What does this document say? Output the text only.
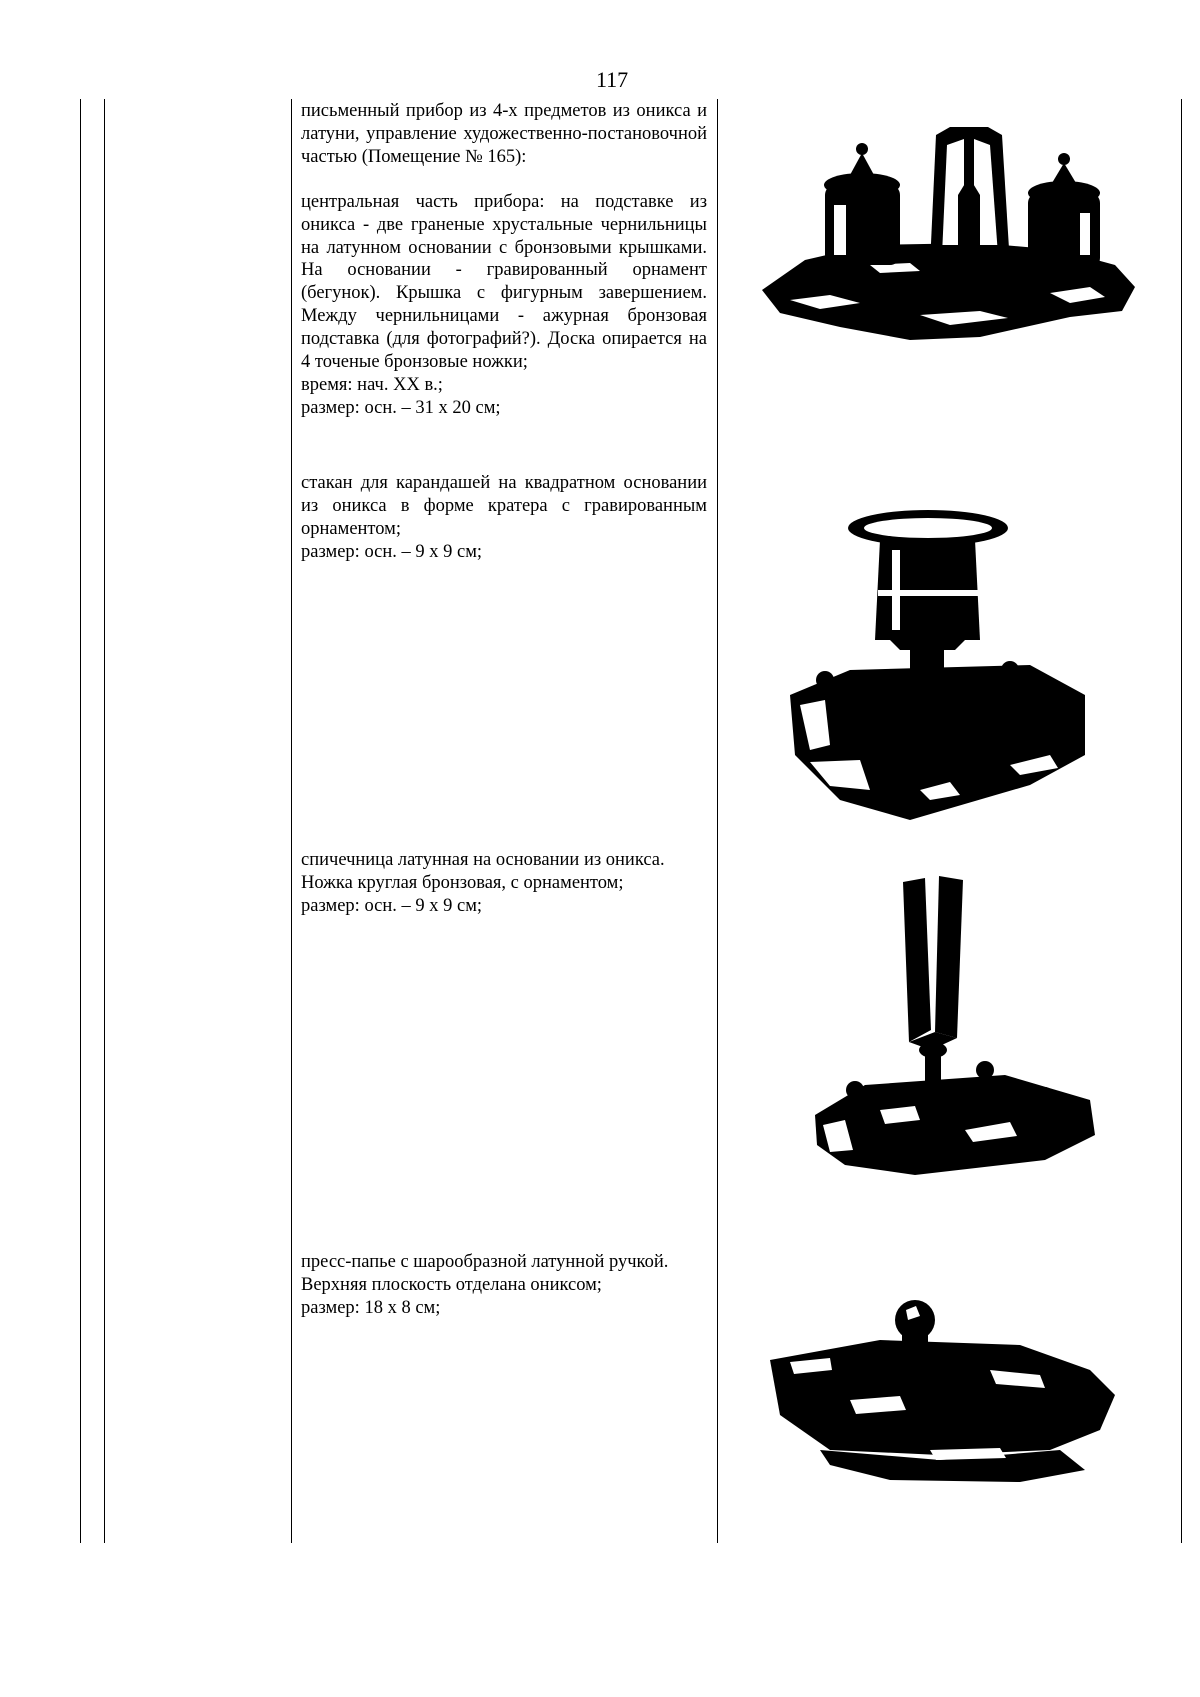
117

письменный прибор из 4-х предметов из оникса и латуни, управление художественно-постановочной частью (Помещение № 165):

центральная часть прибора: на подставке из оникса - две граненые хрустальные чернильницы на латунном основании с бронзовыми крышками. На основании - гравированный орнамент (бегунок). Крышка с фигурным завершением. Между чернильницами - ажурная бронзовая подставка (для фотографий?). Доска опирается на 4 точеные бронзовые ножки;

время: нач. XX в.;

размер: осн. – 31 х 20 см;

стакан для карандашей на квадратном основании из оникса в форме кратера с гравированным орнаментом;

размер: осн. – 9 х 9 см;

спичечница латунная на основании из оникса. Ножка круглая бронзовая, с орнаментом;

размер: осн. – 9 х 9 см;

пресс-папье с шарообразной латунной ручкой. Верхняя плоскость отделана ониксом;

размер: 18 х 8 см;
